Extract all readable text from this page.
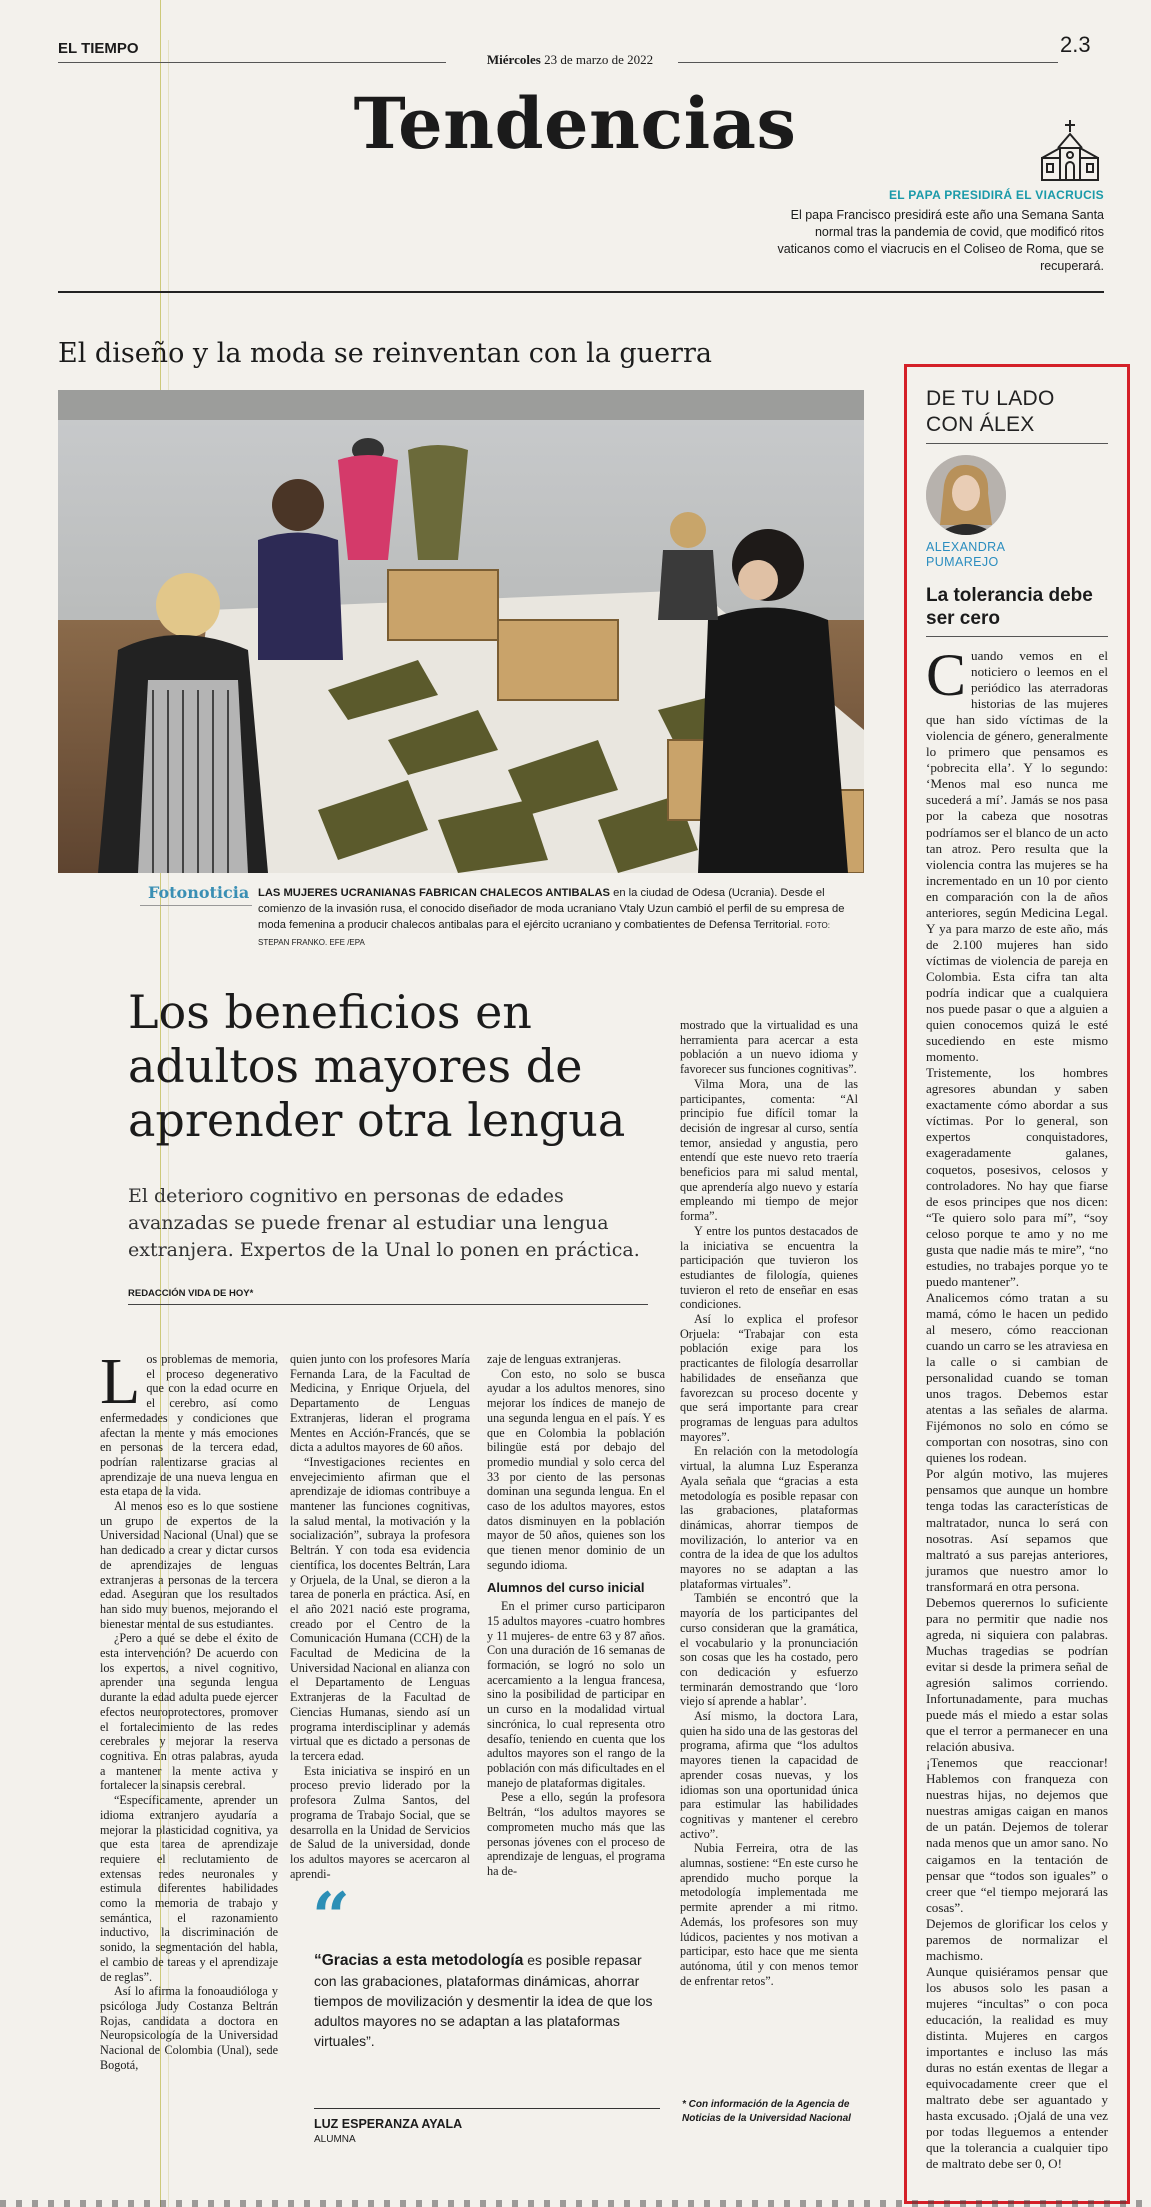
EL TIEMPO
Miércoles 23 de marzo de 2022
2.3
Tendencias
EL PAPA PRESIDIRÁ EL VIACRUCIS
El papa Francisco presidirá este año una Semana Santa normal tras la pandemia de covid, que modificó ritos vaticanos como el viacrucis en el Coliseo de Roma, que se recuperará.
El diseño y la moda se reinventan con la guerra
Fotonoticia LAS MUJERES UCRANIANAS FABRICAN CHALECOS ANTIBALAS en la ciudad de Odesa (Ucrania). Desde el comienzo de la invasión rusa, el conocido diseñador de moda ucraniano Vtaly Uzun cambió el perfil de su empresa de moda femenina a producir chalecos antibalas para el ejército ucraniano y combatientes de Defensa Territorial. FOTO: STEPAN FRANKO. EFE /EPA
Los beneficios en adultos mayores de aprender otra lengua
El deterioro cognitivo en personas de edades avanzadas se puede frenar al estudiar una lengua extranjera. Expertos de la Unal lo ponen en práctica.
REDACCIÓN VIDA DE HOY*
L os problemas de memoria, el proceso degenerativo que con la edad ocurre en el cerebro, así como enfermedades y condiciones que afectan la mente y más emociones en personas de la tercera edad, podrían ralentizarse gracias al aprendizaje de una nueva lengua en esta etapa de la vida.

Al menos eso es lo que sostiene un grupo de expertos de la Universidad Nacional (Unal) que se han dedicado a crear y dictar cursos de aprendizajes de lenguas extranjeras a personas de la tercera edad. Aseguran que los resultados han sido muy buenos, mejorando el bienestar mental de sus estudiantes.

¿Pero a qué se debe el éxito de esta intervención? De acuerdo con los expertos, a nivel cognitivo, aprender una segunda lengua durante la edad adulta puede ejercer efectos neuroprotectores, promover el fortalecimiento de las redes cerebrales y mejorar la reserva cognitiva. En otras palabras, ayuda a mantener la mente activa y fortalecer la sinapsis cerebral.

“Específicamente, aprender un idioma extranjero ayudaría a mejorar la plasticidad cognitiva, ya que esta tarea de aprendizaje requiere el reclutamiento de extensas redes neuronales y estimula diferentes habilidades como la memoria de trabajo y semántica, el razonamiento inductivo, la discriminación de sonido, la segmentación del habla, el cambio de tareas y el aprendizaje de reglas”.

Así lo afirma la fonoaudióloga y psicóloga Judy Costanza Beltrán Rojas, candidata a doctora en Neuropsicología de la Universidad Nacional de Colombia (Unal), sede Bogotá,

quien junto con los profesores María Fernanda Lara, de la Facultad de Medicina, y Enrique Orjuela, del Departamento de Lenguas Extranjeras, lideran el programa Mentes en Acción-Francés, que se dicta a adultos mayores de 60 años.

“Investigaciones recientes en envejecimiento afirman que el aprendizaje de idiomas contribuye a mantener las funciones cognitivas, la salud mental, la motivación y la socialización”, subraya la profesora Beltrán. Y con toda esa evidencia científica, los docentes Beltrán, Lara y Orjuela, de la Unal, se dieron a la tarea de ponerla en práctica. Así, en el año 2021 nació este programa, creado por el Centro de la Comunicación Humana (CCH) de la Facultad de Medicina de la Universidad Nacional en alianza con el Departamento de Lenguas Extranjeras de la Facultad de Ciencias Humanas, siendo así un programa interdisciplinar y además virtual que es dictado a personas de la tercera edad.

Esta iniciativa se inspiró en un proceso previo liderado por la profesora Zulma Santos, del programa de Trabajo Social, que se desarrolla en la Unidad de Servicios de Salud de la universidad, donde los adultos mayores se acercaron al aprendi-

zaje de lenguas extranjeras.

Con esto, no solo se busca ayudar a los adultos menores, sino mejorar los índices de manejo de una segunda lengua en el país. Y es que en Colombia la población bilingüe está por debajo del promedio mundial y solo cerca del 33 por ciento de las personas dominan una segunda lengua. En el caso de los adultos mayores, estos datos disminuyen en la población mayor de 50 años, quienes son los que tienen menor dominio de un segundo idioma.

Alumnos del curso inicial

En el primer curso participaron 15 adultos mayores -cuatro hombres y 11 mujeres- de entre 63 y 87 años. Con una duración de 16 semanas de formación, se logró no solo un acercamiento a la lengua francesa, sino la posibilidad de participar en un curso en la modalidad virtual sincrónica, lo cual representa otro desafío, teniendo en cuenta que los adultos mayores son el rango de la población con más dificultades en el manejo de plataformas digitales.

Pese a ello, según la profesora Beltrán, “los adultos mayores se comprometen mucho más que las personas jóvenes con el proceso de aprendizaje de lenguas, el programa ha de-

mostrado que la virtualidad es una herramienta para acercar a esta población a un nuevo idioma y favorecer sus funciones cognitivas”.

Vilma Mora, una de las participantes, comenta: “Al principio fue difícil tomar la decisión de ingresar al curso, sentía temor, ansiedad y angustia, pero entendí que este nuevo reto traería beneficios para mi salud mental, que aprendería algo nuevo y estaría empleando mi tiempo de mejor forma”.

Y entre los puntos destacados de la iniciativa se encuentra la participación que tuvieron los estudiantes de filología, quienes tuvieron el reto de enseñar en esas condiciones.

Así lo explica el profesor Orjuela: “Trabajar con esta población exige para los practicantes de filología desarrollar habilidades de enseñanza que favorezcan su proceso docente y que será importante para crear programas de lenguas para adultos mayores”.

En relación con la metodología virtual, la alumna Luz Esperanza Ayala señala que “gracias a esta metodología es posible repasar con las grabaciones, plataformas dinámicas, ahorrar tiempos de movilización, lo anterior va en contra de la idea de que los adultos mayores no se adaptan a las plataformas virtuales”.

También se encontró que la mayoría de los participantes del curso consideran que la gramática, el vocabulario y la pronunciación son cosas que les ha costado, pero con dedicación y esfuerzo terminarán demostrando que ‘loro viejo sí aprende a hablar’.

Así mismo, la doctora Lara, quien ha sido una de las gestoras del programa, afirma que “los adultos mayores tienen la capacidad de aprender cosas nuevas, y los idiomas son una oportunidad única para estimular las habilidades cognitivas y mantener el cerebro activo”.

Nubia Ferreira, otra de las alumnas, sostiene: “En este curso he aprendido mucho porque la metodología implementada me permite aprender a mi ritmo. Además, los profesores son muy lúdicos, pacientes y nos motivan a participar, esto hace que me sienta autónoma, útil y con menos temor de enfrentar retos”.

* Con información de la Agencia de Noticias de la Universidad Nacional
“
“Gracias a esta metodología es posible repasar con las grabaciones, plataformas dinámicas, ahorrar tiempos de movilización y desmentir la idea de que los adultos mayores no se adaptan a las plataformas virtuales”.
LUZ ESPERANZA AYALA
ALUMNA
DE TU LADO CON ÁLEX
ALEXANDRA
PUMAREJO
La tolerancia debe ser cero
C uando vemos en el noticiero o leemos en el periódico las aterradoras historias de las mujeres que han sido víctimas de la violencia de género, generalmente lo primero que pensamos es ‘pobrecita ella’. Y lo segundo: ‘Menos mal eso nunca me sucederá a mí’. Jamás se nos pasa por la cabeza que nosotras podríamos ser el blanco de un acto tan atroz. Pero resulta que la violencia contra las mujeres se ha incrementado en un 10 por ciento en comparación con la de años anteriores, según Medicina Legal. Y ya para marzo de este año, más de 2.100 mujeres han sido víctimas de violencia de pareja en Colombia. Esta cifra tan alta podría indicar que a cualquiera nos puede pasar o que a alguien a quien conocemos quizá le esté sucediendo en este mismo momento.

Tristemente, los hombres agresores abundan y saben exactamente cómo abordar a sus víctimas. Por lo general, son expertos conquistadores, exageradamente galanes, coquetos, posesivos, celosos y controladores. No hay que fiarse de esos principes que nos dicen: “Te quiero solo para mí”, “soy celoso porque te amo y no me gusta que nadie más te mire”, “no estudies, no trabajes porque yo te puedo mantener”.

Analicemos cómo tratan a su mamá, cómo le hacen un pedido al mesero, cómo reaccionan cuando un carro se les atraviesa en la calle o si cambian de personalidad cuando se toman unos tragos. Debemos estar atentas a las señales de alarma. Fijémonos no solo en cómo se comportan con nosotras, sino con quienes los rodean.

Por algún motivo, las mujeres pensamos que aunque un hombre tenga todas las características de maltratador, nunca lo será con nosotras. Así sepamos que maltrató a sus parejas anteriores, juramos que nuestro amor lo transformará en otra persona.

Debemos querernos lo suficiente para no permitir que nadie nos agreda, ni siquiera con palabras. Muchas tragedias se podrían evitar si desde la primera señal de agresión salimos corriendo. Infortunadamente, para muchas puede más el miedo a estar solas que el terror a permanecer en una relación abusiva.

¡Tenemos que reaccionar! Hablemos con franqueza con nuestras hijas, no dejemos que nuestras amigas caigan en manos de un patán. Dejemos de tolerar nada menos que un amor sano. No caigamos en la tentación de pensar que “todos son iguales” o creer que “el tiempo mejorará las cosas”.

Dejemos de glorificar los celos y paremos de normalizar el machismo.

Aunque quisiéramos pensar que los abusos solo les pasan a mujeres “incultas” o con poca educación, la realidad es muy distinta. Mujeres en cargos importantes e incluso las más duras no están exentas de llegar a equivocadamente creer que el maltrato debe ser aguantado y hasta excusado. ¡Ojalá de una vez por todas lleguemos a entender que la tolerancia a cualquier tipo de maltrato debe ser 0, O!
